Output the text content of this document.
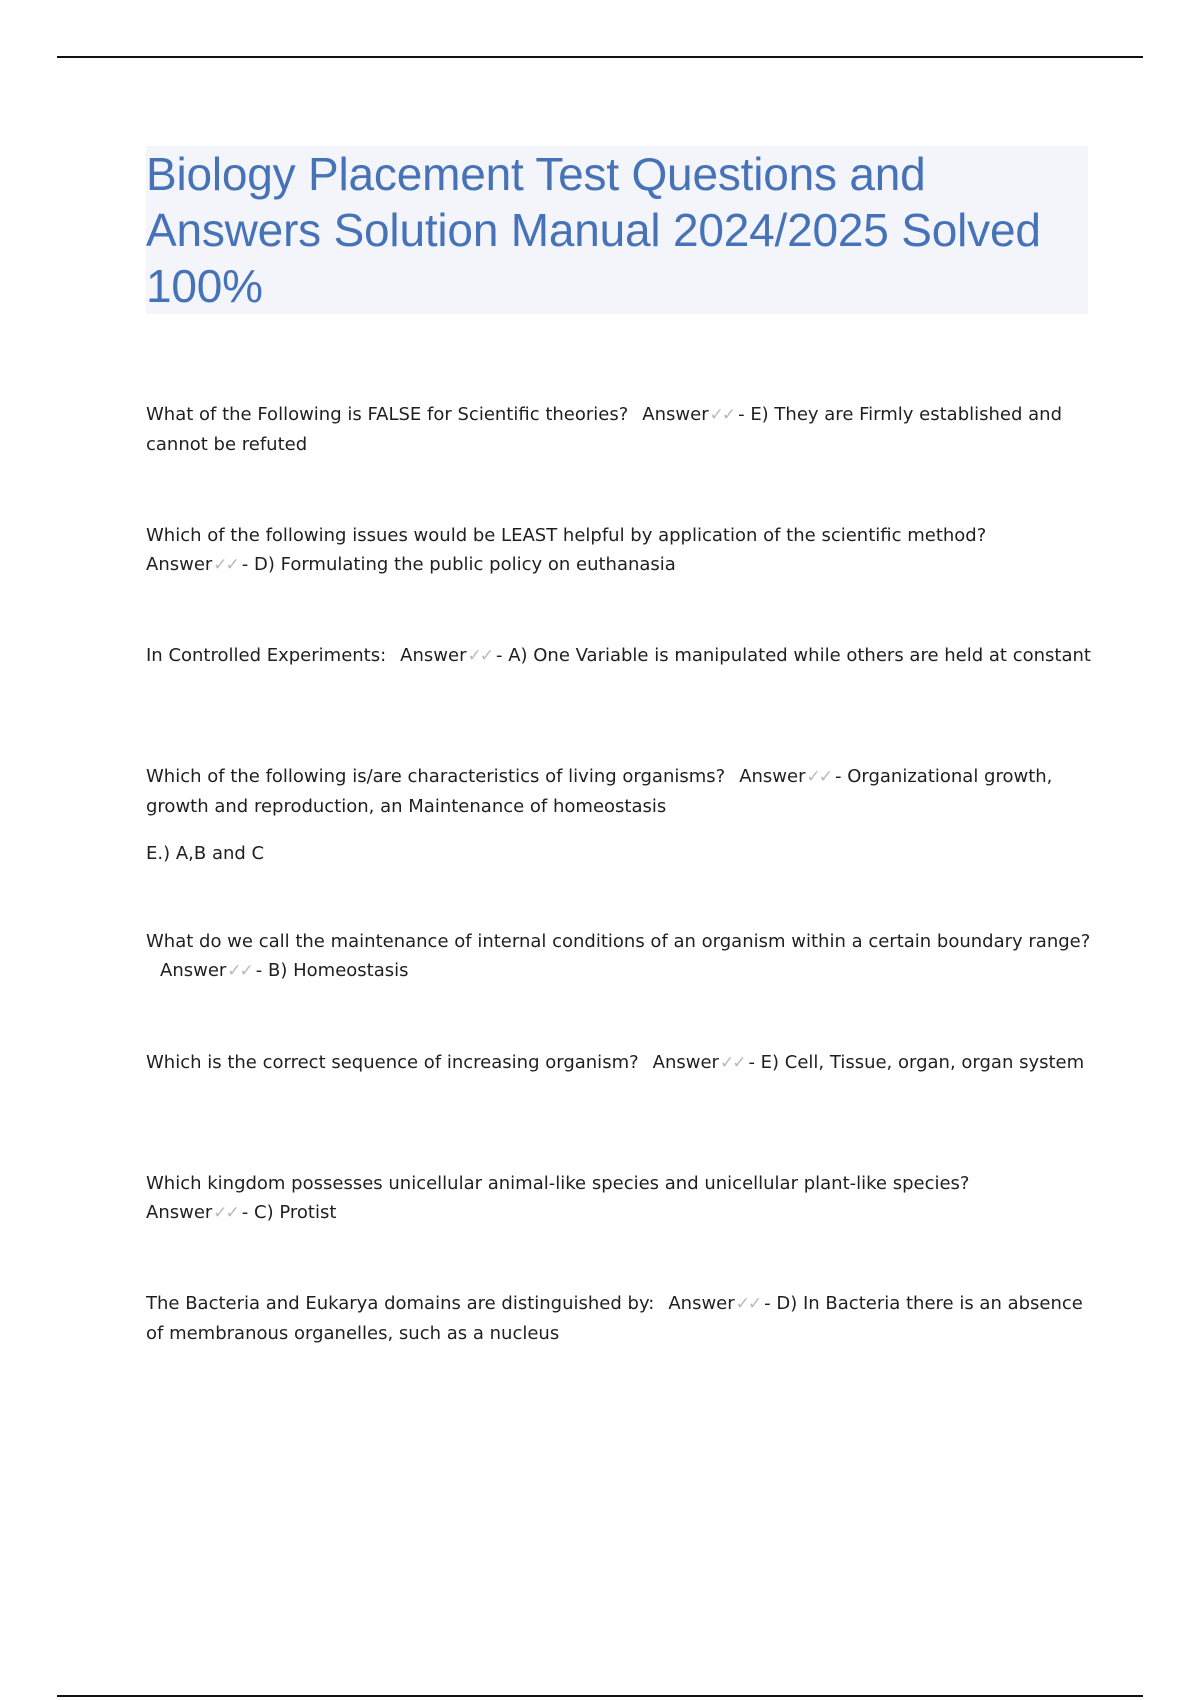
Biology Placement Test Questions and Answers Solution Manual 2024/2025 Solved 100%
What of the Following is FALSE for Scientific theories? Answer✓✓ - E) They are Firmly established and cannot be refuted
Which of the following issues would be LEAST helpful by application of the scientific method?
Answer✓✓ - D) Formulating the public policy on euthanasia
In Controlled Experiments: Answer✓✓ - A) One Variable is manipulated while others are held at constant
Which of the following is/are characteristics of living organisms? Answer✓✓ - Organizational growth, growth and reproduction, an Maintenance of homeostasis
E.) A,B and C
What do we call the maintenance of internal conditions of an organism within a certain boundary range?Answer✓✓ - B) Homeostasis
Which is the correct sequence of increasing organism? Answer✓✓ - E) Cell, Tissue, organ, organ system
Which kingdom possesses unicellular animal-like species and unicellular plant-like species?
Answer✓✓ - C) Protist
The Bacteria and Eukarya domains are distinguished by: Answer✓✓ - D) In Bacteria there is an absence of membranous organelles, such as a nucleus
